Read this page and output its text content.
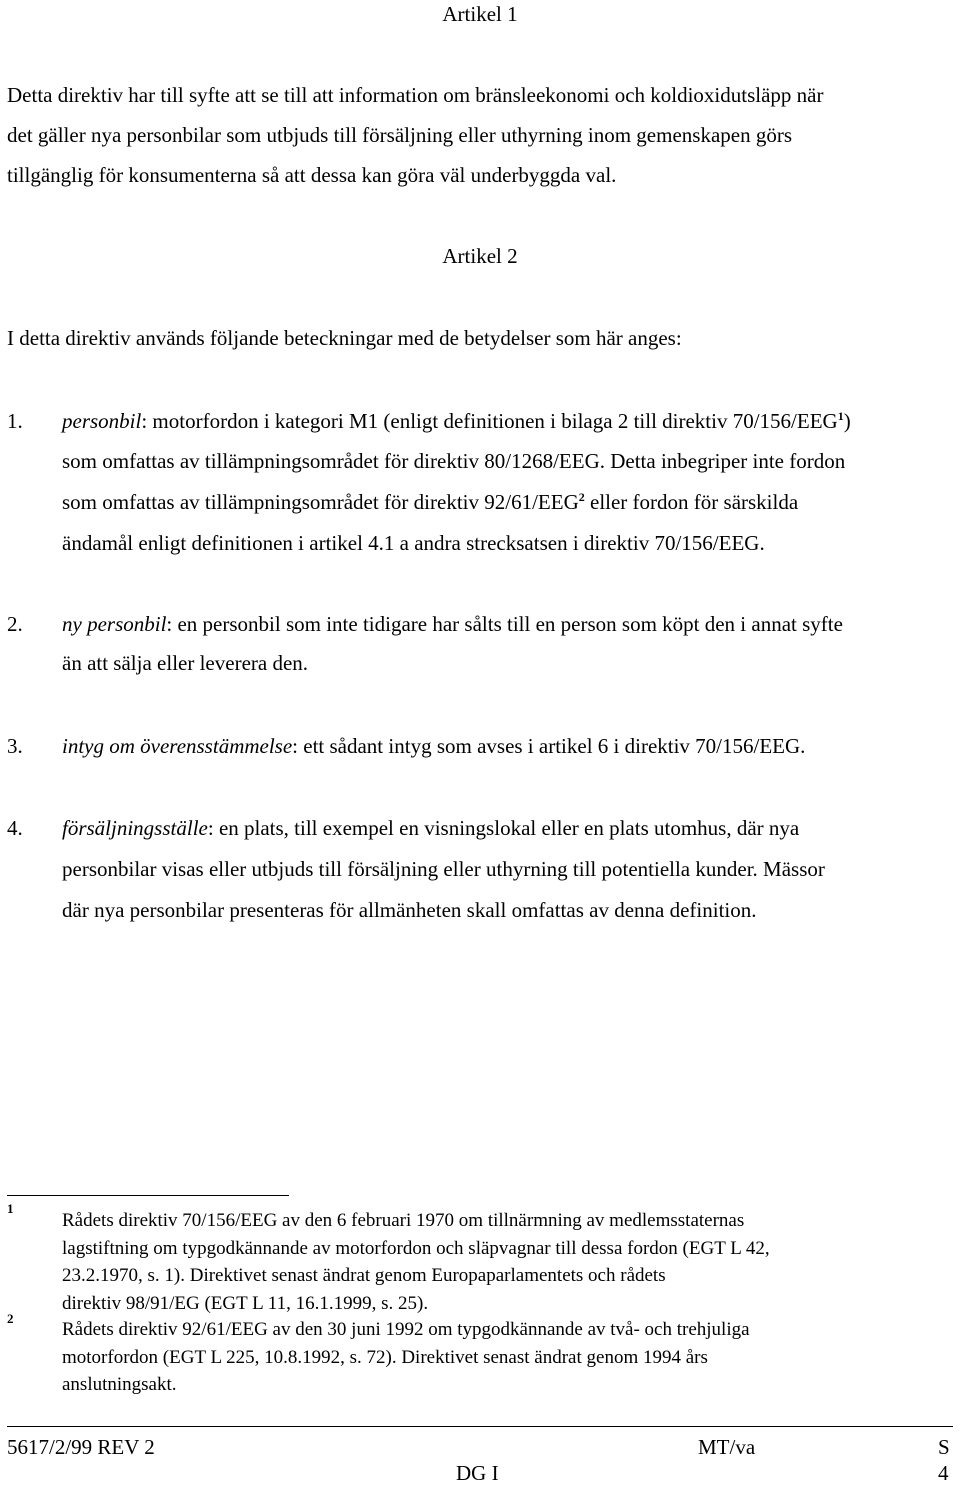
Artikel 1
Detta direktiv har till syfte att se till att information om bränsleekonomi och koldioxidutsläpp när
det gäller nya personbilar som utbjuds till försäljning eller uthyrning inom gemenskapen görs
tillgänglig för konsumenterna så att dessa kan göra väl underbyggda val.
Artikel 2
I detta direktiv används följande beteckningar med de betydelser som här anges:
1. personbil: motorfordon i kategori M1 (enligt definitionen i bilaga 2 till direktiv 70/156/EEG$^1$)
som omfattas av tillämpningsområdet för direktiv 80/1268/EEG. Detta inbegriper inte fordon
som omfattas av tillämpningsområdet för direktiv 92/61/EEG$^2$ eller fordon för särskilda
ändamål enligt definitionen i artikel 4.1 a andra strecksatsen i direktiv 70/156/EEG.
2. ny personbil: en personbil som inte tidigare har sålts till en person som köpt den i annat syfte
än att sälja eller leverera den.
3. intyg om överensstämmelse: ett sådant intyg som avses i artikel 6 i direktiv 70/156/EEG.
4. försäljningsställe: en plats, till exempel en visningslokal eller en plats utomhus, där nya
personbilar visas eller utbjuds till försäljning eller uthyrning till potentiella kunder. Mässor
där nya personbilar presenteras för allmänheten skall omfattas av denna definition.
1
Rådets direktiv 70/156/EEG av den 6 februari 1970 om tillnärmning av medlemsstaternas
lagstiftning om typgodkännande av motorfordon och släpvagnar till dessa fordon (EGT L 42,
23.2.1970, s. 1). Direktivet senast ändrat genom Europaparlamentets och rådets
direktiv 98/91/EG (EGT L 11, 16.1.1999, s. 25).
2
Rådets direktiv 92/61/EEG av den 30 juni 1992 om typgodkännande av två- och trehjuliga
motorfordon (EGT L 225, 10.8.1992, s. 72). Direktivet senast ändrat genom 1994 års
anslutningsakt.
5617/2/99 REV 2	MT/va	S
DG I	4
